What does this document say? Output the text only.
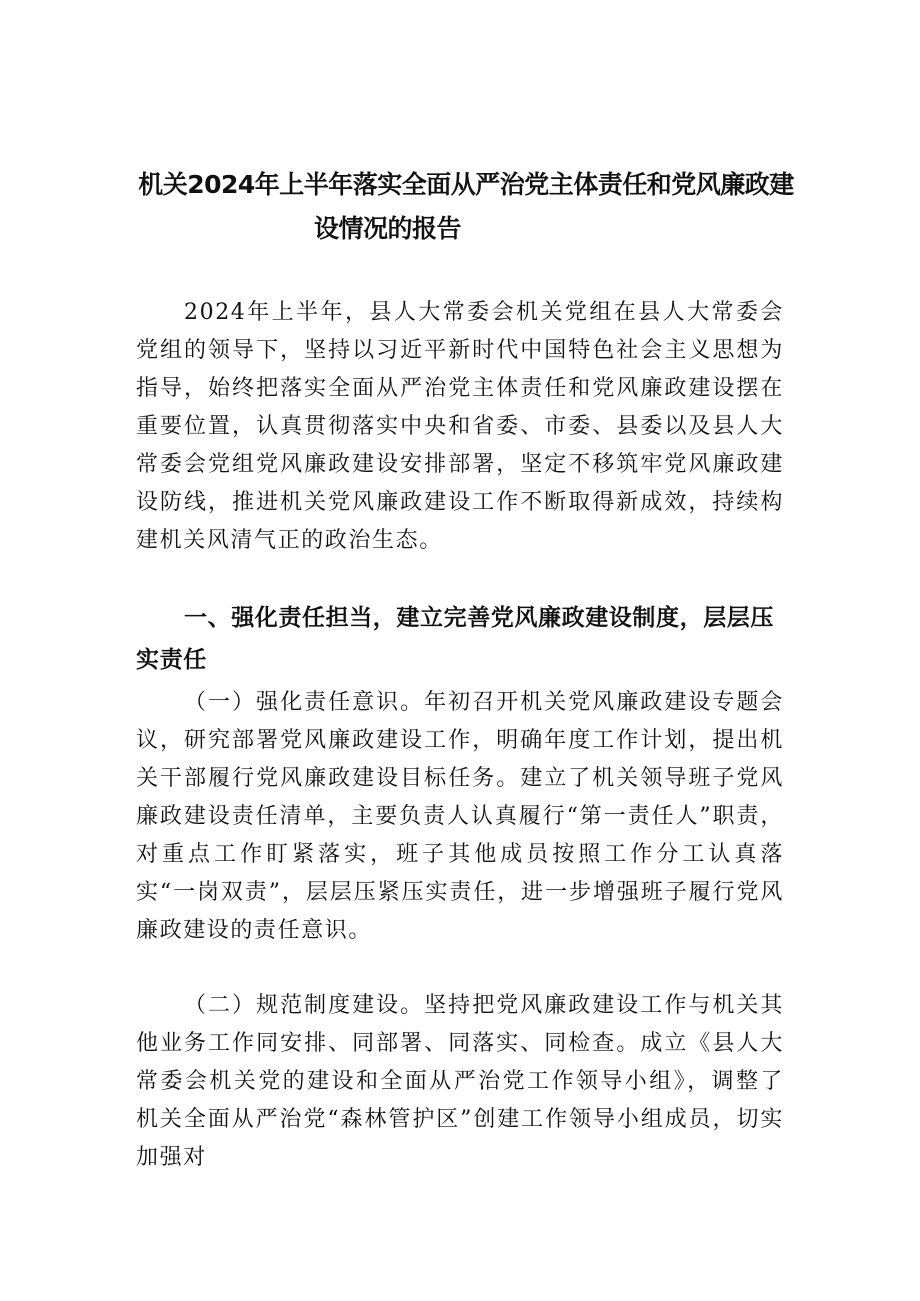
机关2024年上半年落实全面从严治党主体责任和党风廉政建
设情况的报告

2024年上半年，县人大常委会机关党组在县人大常委会党组的领导下，坚持以习近平新时代中国特色社会主义思想为指导，始终把落实全面从严治党主体责任和党风廉政建设摆在重要位置，认真贯彻落实中央和省委、市委、县委以及县人大常委会党组党风廉政建设安排部署，坚定不移筑牢党风廉政建设防线，推进机关党风廉政建设工作不断取得新成效，持续构建机关风清气正的政治生态。

一、强化责任担当，建立完善党风廉政建设制度，层层压实责任

（一）强化责任意识。年初召开机关党风廉政建设专题会议，研究部署党风廉政建设工作，明确年度工作计划，提出机关干部履行党风廉政建设目标任务。建立了机关领导班子党风廉政建设责任清单，主要负责人认真履行“第一责任人”职责，对重点工作盯紧落实，班子其他成员按照工作分工认真落实“一岗双责”，层层压紧压实责任，进一步增强班子履行党风廉政建设的责任意识。

（二）规范制度建设。坚持把党风廉政建设工作与机关其他业务工作同安排、同部署、同落实、同检查。成立《县人大常委会机关党的建设和全面从严治党工作领导小组》，调整了机关全面从严治党“森林管护区”创建工作领导小组成员，切实加强对
